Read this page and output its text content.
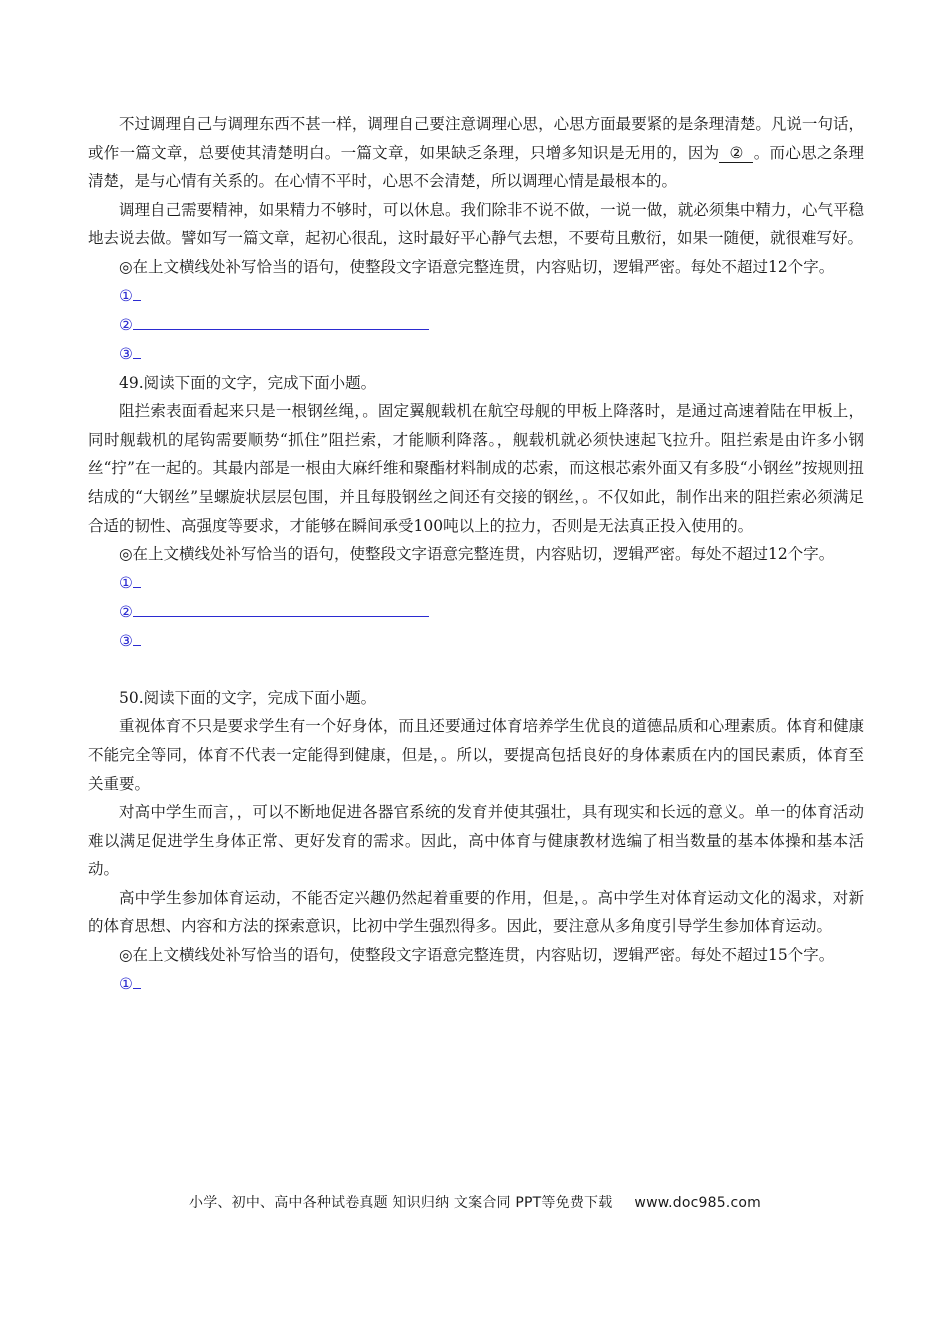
不过调理自己与调理东西不甚一样，调理自己要注意调理心思，心思方面最要紧的是条理清楚。凡说一句话，或作一篇文章，总要使其清楚明白。一篇文章，如果缺乏条理，只增多知识是无用的，因为 ② 。而心思之条理清楚，是与心情有关系的。在心情不平时，心思不会清楚，所以调理心情是最根本的。

调理自己需要精神，如果精力不够时，可以休息。我们除非不说不做，一说一做，就必须集中精力，心气平稳地去说去做。譬如写一篇文章，起初心很乱，这时最好平心静气去想，不要苟且敷衍，如果一随便，就很难写好。

◎在上文横线处补写恰当的语句，使整段文字语意完整连贯，内容贴切，逻辑严密。每处不超过12个字。

①
②
③

49.阅读下面的文字，完成下面小题。

阻拦索表面看起来只是一根钢丝绳，。固定翼舰载机在航空母舰的甲板上降落时，是通过高速着陆在甲板上，同时舰载机的尾钩需要顺势“抓住”阻拦索，才能顺利降落。，舰载机就必须快速起飞拉升。阻拦索是由许多小钢丝“拧”在一起的。其最内部是一根由大麻纤维和聚酯材料制成的芯索，而这根芯索外面又有多股“小钢丝”按规则扭结成的“大钢丝”呈螺旋状层层包围，并且每股钢丝之间还有交接的钢丝，。不仅如此，制作出来的阻拦索必须满足合适的韧性、高强度等要求，才能够在瞬间承受100吨以上的拉力，否则是无法真正投入使用的。

◎在上文横线处补写恰当的语句，使整段文字语意完整连贯，内容贴切，逻辑严密。每处不超过12个字。

①
②
③

50.阅读下面的文字，完成下面小题。

重视体育不只是要求学生有一个好身体，而且还要通过体育培养学生优良的道德品质和心理素质。体育和健康不能完全等同，体育不代表一定能得到健康，但是，。所以，要提高包括良好的身体素质在内的国民素质，体育至关重要。

对高中学生而言，，可以不断地促进各器官系统的发育并使其强壮，具有现实和长远的意义。单一的体育活动难以满足促进学生身体正常、更好发育的需求。因此，高中体育与健康教材选编了相当数量的基本体操和基本活动。

高中学生参加体育运动，不能否定兴趣仍然起着重要的作用，但是，。高中学生对体育运动文化的渴求，对新的体育思想、内容和方法的探索意识，比初中学生强烈得多。因此，要注意从多角度引导学生参加体育运动。

◎在上文横线处补写恰当的语句，使整段文字语意完整连贯，内容贴切，逻辑严密。每处不超过15个字。

①
小学、初中、高中各种试卷真题 知识归纳 文案合同 PPT等免费下载 www.doc985.com
